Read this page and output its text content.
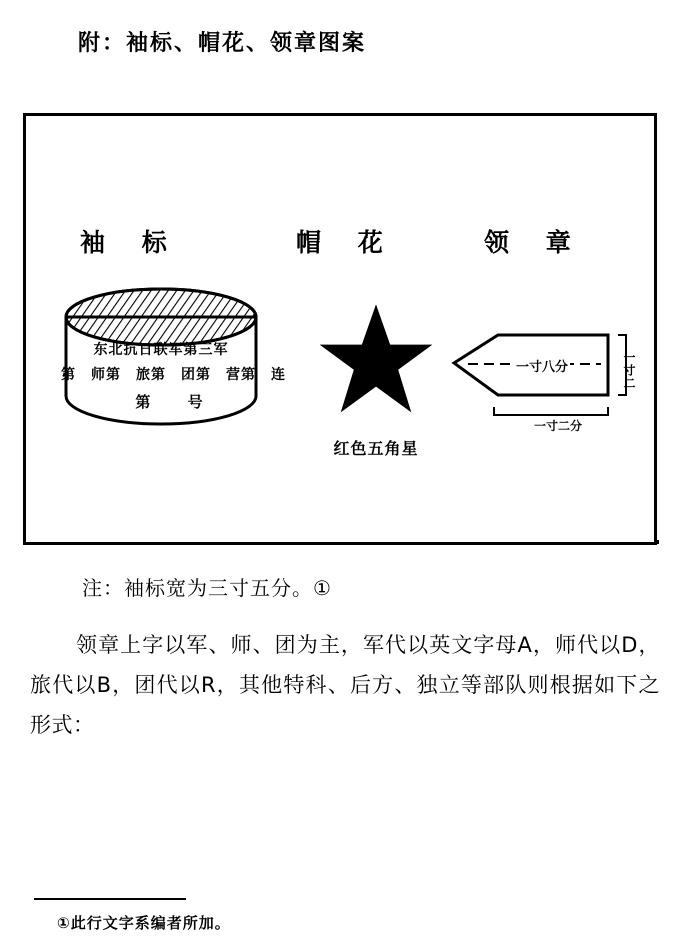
附：袖标、帽花、领章图案
袖 标	帽 花	领 章
东北抗日联军第三军
第　师第　旅第　团第　营第　连
第 号
红色五角星
一寸八分
一寸二分
一寸二
注：袖标宽为三寸五分。①
领章上字以军、师、团为主，军代以英文字母A，师代以D，旅代以B，团代以R，其他特科、后方、独立等部队则根据如下之形式：
①此行文字系编者所加。
